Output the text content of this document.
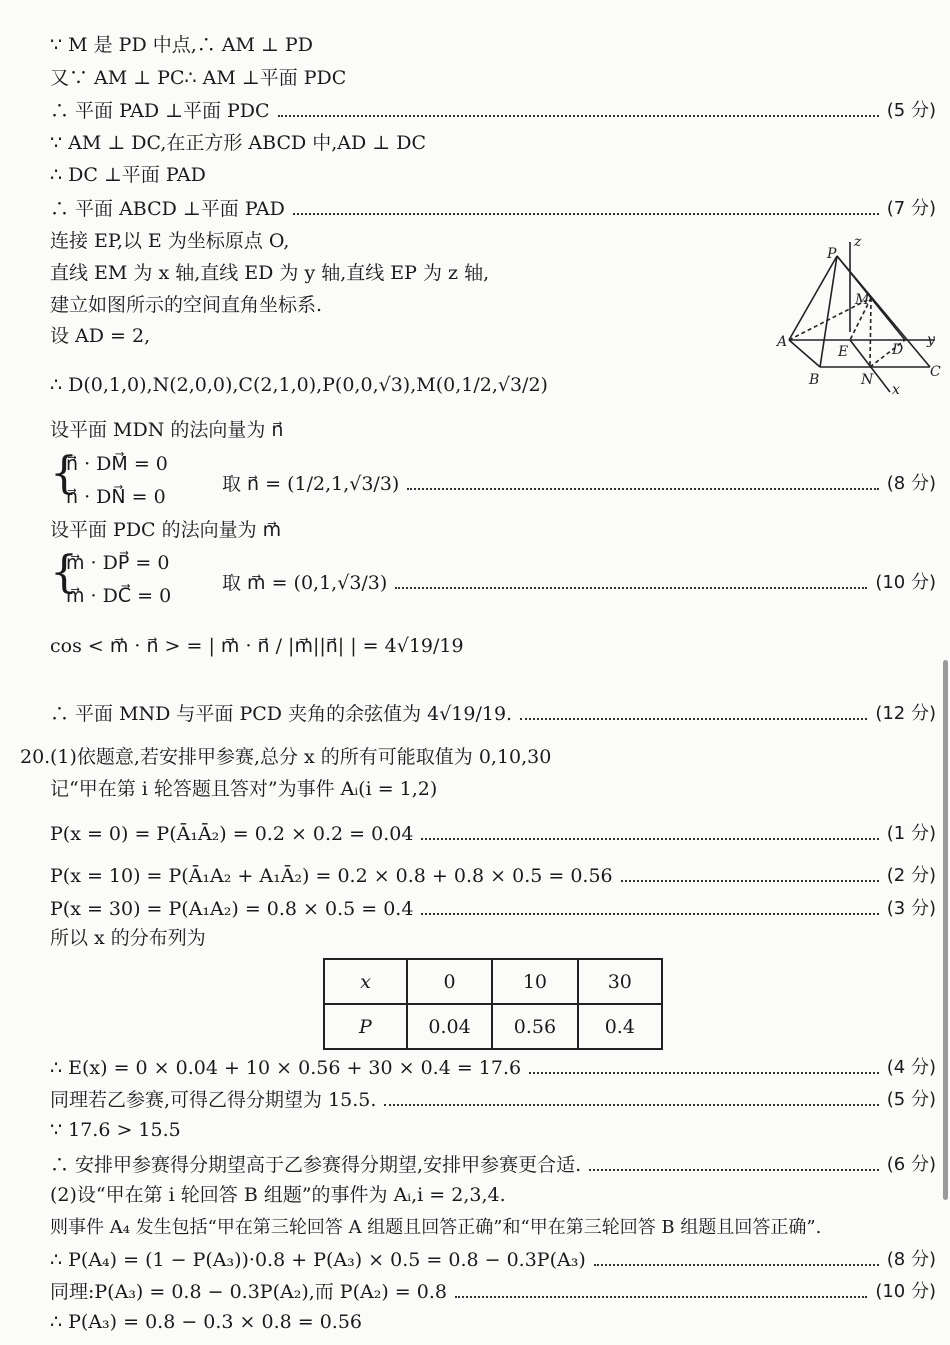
∵ M 是 PD 中点,∴ AM ⊥ PD
又∵ AM ⊥ PC∴ AM ⊥平面 PDC
∴ 平面 PAD ⊥平面 PDC	(5 分)
∵ AM ⊥ DC,在正方形 ABCD 中,AD ⊥ DC
∴ DC ⊥平面 PAD
∴ 平面 ABCD ⊥平面 PAD	(7 分)
连接 EP,以 E 为坐标原点 O,
直线 EM 为 x 轴,直线 ED 为 y 轴,直线 EP 为 z 轴,
建立如图所示的空间直角坐标系.
设 AD = 2,
∴ D(0,1,0),N(2,0,0),C(2,1,0),P(0,0,√3),M(0,1/2,√3/2)
z
P
M
A
E	D
y
B	N	C
x
设平面 MDN 的法向量为 n⃗
{
n⃗ · DM⃗ = 0
n⃗ · DN⃗ = 0
取 n⃗ = (1/2,1,√3/3)	(8 分)
设平面 PDC 的法向量为 m⃗
{
m⃗ · DP⃗ = 0
m⃗ · DC⃗ = 0
取 m⃗ = (0,1,√3/3)	(10 分)
cos < m⃗ · n⃗ > = | m⃗ · n⃗ / |m⃗||n⃗| | = 4√19/19
∴ 平面 MND 与平面 PCD 夹角的余弦值为 4√19/19.	(12 分)
20. (1)依题意,若安排甲参赛,总分 x 的所有可能取值为 0,10,30
记“甲在第 i 轮答题且答对”为事件 Aᵢ(i = 1,2)
P(x = 0) = P(Ā₁Ā₂) = 0.2 × 0.2 = 0.04	(1 分)
P(x = 10) = P(Ā₁A₂ + A₁Ā₂) = 0.2 × 0.8 + 0.8 × 0.5 = 0.56	(2 分)
P(x = 30) = P(A₁A₂) = 0.8 × 0.5 = 0.4	(3 分)
所以 x 的分布列为
x	0	10	30
P	0.04	0.56	0.4
∴ E(x) = 0 × 0.04 + 10 × 0.56 + 30 × 0.4 = 17.6	(4 分)
同理若乙参赛,可得乙得分期望为 15.5.	(5 分)
∵ 17.6 > 15.5
∴ 安排甲参赛得分期望高于乙参赛得分期望,安排甲参赛更合适.	(6 分)
(2)设“甲在第 i 轮回答 B 组题”的事件为 Aᵢ,i = 2,3,4.
则事件 A₄ 发生包括“甲在第三轮回答 A 组题且回答正确”和“甲在第三轮回答 B 组题且回答正确”.
∴ P(A₄) = (1 − P(A₃))·0.8 + P(A₃) × 0.5 = 0.8 − 0.3P(A₃)	(8 分)
同理:P(A₃) = 0.8 − 0.3P(A₂),而 P(A₂) = 0.8	(10 分)
∴ P(A₃) = 0.8 − 0.3 × 0.8 = 0.56
